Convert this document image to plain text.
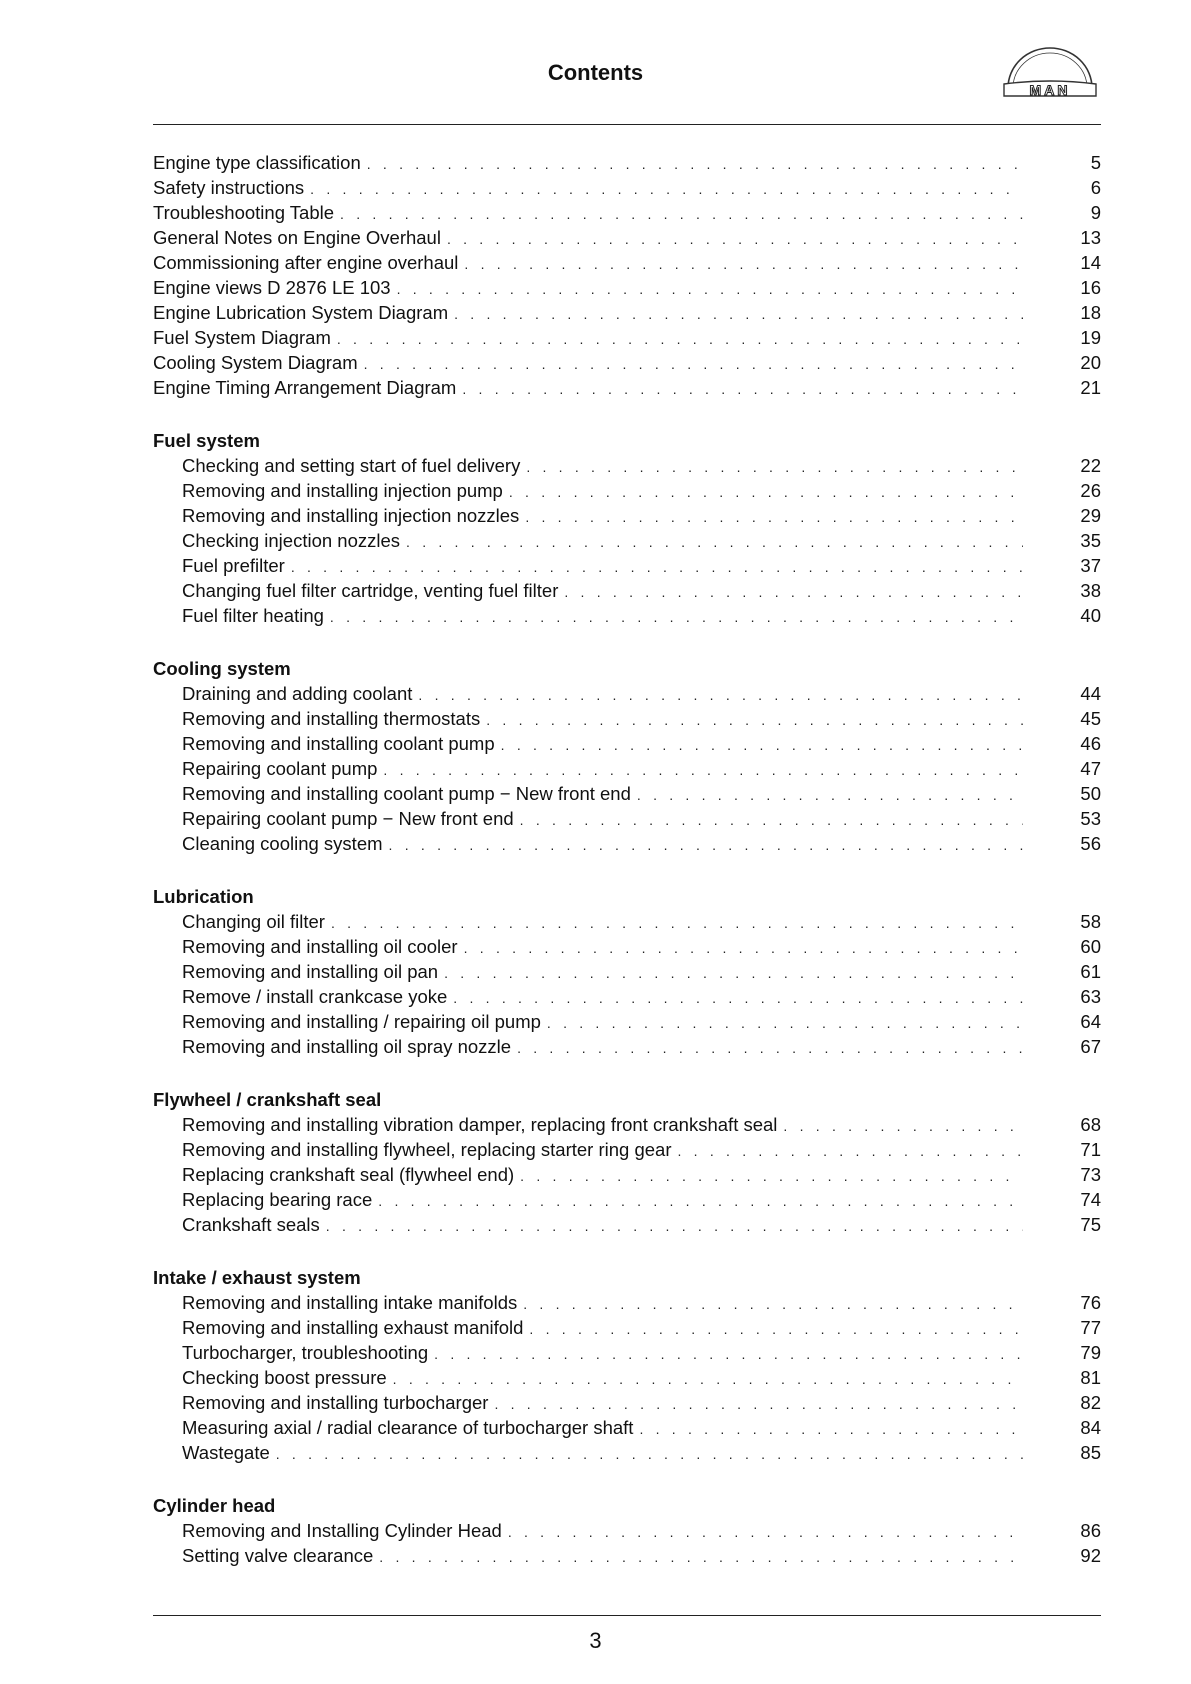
Contents
MAN
Engine type classification . . .	5
Safety instructions . . .	6
Troubleshooting Table . . .	9
General Notes on Engine Overhaul . . .	13
Commissioning after engine overhaul . . .	14
Engine views D 2876 LE 103 . . .	16
Engine Lubrication System Diagram . . .	18
Fuel System Diagram . . .	19
Cooling System Diagram . . .	20
Engine Timing Arrangement Diagram . . .	21
Fuel system
Checking and setting start of fuel delivery . . .	22
Removing and installing injection pump . . .	26
Removing and installing injection nozzles . . .	29
Checking injection nozzles . . .	35
Fuel prefilter . . .	37
Changing fuel filter cartridge, venting fuel filter . . .	38
Fuel filter heating . . .	40
Cooling system
Draining and adding coolant . . .	44
Removing and installing thermostats . . .	45
Removing and installing coolant pump . . .	46
Repairing coolant pump . . .	47
Removing and installing coolant pump − New front end . . .	50
Repairing coolant pump − New front end . . .	53
Cleaning cooling system . . .	56
Lubrication
Changing oil filter . . .	58
Removing and installing oil cooler . . .	60
Removing and installing oil pan . . .	61
Remove / install crankcase yoke . . .	63
Removing and installing / repairing oil pump . . .	64
Removing and installing oil spray nozzle . . .	67
Flywheel / crankshaft seal
Removing and installing vibration damper, replacing front crankshaft seal . . .	68
Removing and installing flywheel, replacing starter ring gear . . .	71
Replacing crankshaft seal (flywheel end) . . .	73
Replacing bearing race . . .	74
Crankshaft seals . . .	75
Intake / exhaust system
Removing and installing intake manifolds . . .	76
Removing and installing exhaust manifold . . .	77
Turbocharger, troubleshooting . . .	79
Checking boost pressure . . .	81
Removing and installing turbocharger . . .	82
Measuring axial / radial clearance of turbocharger shaft . . .	84
Wastegate . . .	85
Cylinder head
Removing and Installing Cylinder Head . . .	86
Setting valve clearance . . .	92
3
